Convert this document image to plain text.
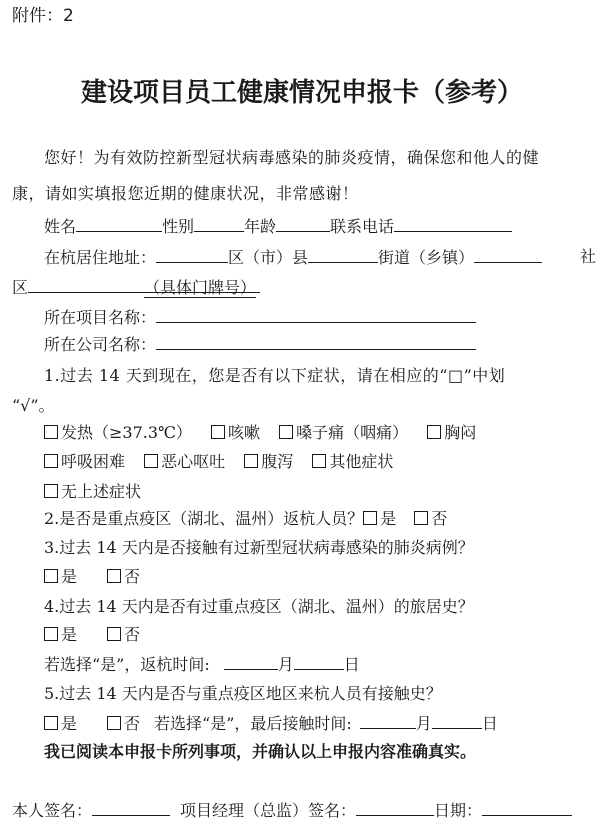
附件：2
建设项目员工健康情况申报卡（参考）
您好！为有效防控新型冠状病毒感染的肺炎疫情，确保您和他人的健
康，请如实填报您近期的健康状况，非常感谢！
姓名	性别	年龄	联系电话
在杭居住地址：	区（市）县	街道（乡镇）	社
区	（具体门牌号）
所在项目名称：
所在公司名称：
1.过去 14 天到现在，您是否有以下症状，请在相应的“□”中划
“√”。
发热（≥37.3℃） 咳嗽 嗓子痛（咽痛） 胸闷
呼吸困难 恶心呕吐 腹泻 其他症状
无上述症状
2.是否是重点疫区（湖北、温州）返杭人员？ 是 否
3.过去 14 天内是否接触有过新型冠状病毒感染的肺炎病例？
是	否
4.过去 14 天内是否有过重点疫区（湖北、温州）的旅居史？
是	否
若选择“是”，返杭时间:	月	日
5.过去 14 天内是否与重点疫区地区来杭人员有接触史？
是	否 若选择“是”，最后接触时间:	月	日
我已阅读本申报卡所列事项，并确认以上申报内容准确真实。
本人签名：	项目经理（总监）签名：	日期：
